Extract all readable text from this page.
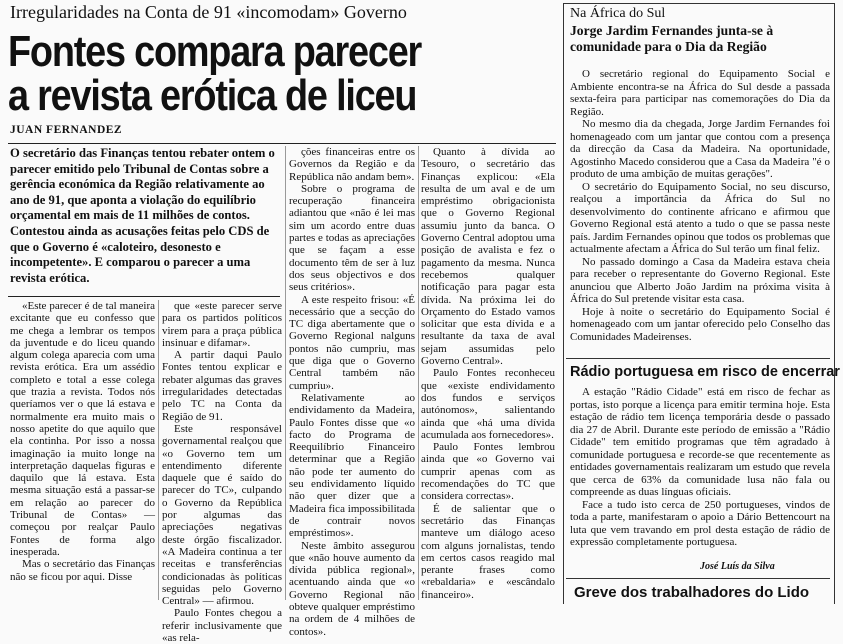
Irregularidades na Conta de 91 «incomodam» Governo
Fontes compara parecer
a revista erótica de liceu
JUAN FERNANDEZ
O secretário das Finanças tentou rebater ontem o parecer emitido pelo Tribunal de Contas sobre a gerência económica da Região relativamente ao ano de 91, que aponta a violação do equilíbrio orçamental em mais de 11 milhões de contos. Contestou ainda as acusações feitas pelo CDS de que o Governo é «caloteiro, desonesto e incompetente». E comparou o parecer a uma revista erótica.

«Este parecer é de tal maneira excitante que eu confesso que me chega a lembrar os tempos da juventude e do liceu quando algum colega aparecia com uma revista erótica. Era um assédio completo e total a esse colega que trazia a revista. Todos nós queríamos ver o que lá estava e normalmente era muito mais o nosso apetite do que aquilo que ela continha. Por isso a nossa imaginação ia muito longe na interpretação daquelas figuras e daquilo que lá estava. Esta mesma situação está a passar-se em relação ao parecer do Tribunal de Contas» — começou por realçar Paulo Fontes de forma algo inesperada.

Mas o secretário das Finanças não se ficou por aqui. Disse

que «este parecer serve para os partidos políticos virem para a praça pública insinuar e difamar».

A partir daqui Paulo Fontes tentou explicar e rebater algumas das graves irregularidades detectadas pelo TC na Conta da Região de 91.

Este responsável governamental realçou que «o Governo tem um entendimento diferente daquele que é saído do parecer do TC», culpando o Governo da República por algumas das apreciações negativas deste órgão fiscalizador. «A Madeira continua a ter receitas e transferências condicionadas às políticas seguidas pelo Governo Central» — afirmou.

Paulo Fontes chegou a referir inclusivamente que «as rela-

ções financeiras entre os Governos da Região e da República não andam bem».

Sobre o programa de recuperação financeira adiantou que «não é lei mas sim um acordo entre duas partes e todas as apreciações que se façam a esse documento têm de ser à luz dos seus objectivos e dos seus critérios».

A este respeito frisou: «É necessário que a secção do TC diga abertamente que o Governo Regional nalguns pontos não cumpriu, mas que diga que o Governo Central também não cumpriu».

Relativamente ao endividamento da Madeira, Paulo Fontes disse que «o facto do Programa de Reequilíbrio Financeiro determinar que a Região não pode ter aumento do seu endividamento líquido não quer dizer que a Madeira fica impossibilitada de contrair novos empréstimos».

Neste âmbito assegurou que «não houve aumento da dívida pública regional», acentuando ainda que «o Governo Regional não obteve qualquer empréstimo na ordem de 4 milhões de contos».

Quanto à dívida ao Tesouro, o secretário das Finanças explicou: «Ela resulta de um aval e de um empréstimo obrigacionista que o Governo Regional assumiu junto da banca. O Governo Central adoptou uma posição de avalista e fez o pagamento da mesma. Nunca recebemos qualquer notificação para pagar esta dívida. Na próxima lei do Orçamento do Estado vamos solicitar que esta dívida e a resultante da taxa de aval sejam assumidas pelo Governo Central».

Paulo Fontes reconheceu que «existe endividamento dos fundos e serviços autónomos», salientando ainda que «há uma dívida acumulada aos fornecedores».

Paulo Fontes lembrou ainda que «o Governo vai cumprir apenas com as recomendações do TC que considera correctas».

É de salientar que o secretário das Finanças manteve um diálogo aceso com alguns jornalistas, tendo em certos casos reagido mal perante frases como «rebaldaria» e «escândalo financeiro».

Na África do Sul
Jorge Jardim Fernandes junta-se à comunidade para o Dia da Região

O secretário regional do Equipamento Social e Ambiente encontra-se na África do Sul desde a passada sexta-feira para participar nas comemorações do Dia da Região.

No mesmo dia da chegada, Jorge Jardim Fernandes foi homenageado com um jantar que contou com a presença da direcção da Casa da Madeira. Na oportunidade, Agostinho Macedo considerou que a Casa da Madeira "é o produto de uma ambição de muitas gerações".

O secretário do Equipamento Social, no seu discurso, realçou a importância da África do Sul no desenvolvimento do continente africano e afirmou que Governo Regional está atento a tudo o que se passa neste país. Jardim Fernandes opinou que todos os problemas que actualmente afectam a África do Sul terão um final feliz.

No passado domingo a Casa da Madeira estava cheia para receber o representante do Governo Regional. Este anunciou que Alberto João Jardim na próxima visita à África do Sul pretende visitar esta casa.

Hoje à noite o secretário do Equipamento Social é homenageado com um jantar oferecido pelo Conselho das Comunidades Madeirenses.

Rádio portuguesa em risco de encerrar

A estação "Rádio Cidade" está em risco de fechar as portas, isto porque a licença para emitir termina hoje. Esta estação de rádio tem licença temporária desde o passado dia 27 de Abril. Durante este período de emissão a "Rádio Cidade" tem emitido programas que têm agradado à comunidade portuguesa e recorde-se que recentemente as entidades governamentais realizaram um estudo que revela que cerca de 63% da comunidade lusa não fala ou compreende as duas línguas oficiais.

Face a tudo isto cerca de 250 portugueses, vindos de toda a parte, manifestaram o apoio a Dário Bettencourt na luta que vem travando em prol desta estação de rádio de expressão completamente portuguesa.

José Luís da Silva
Greve dos trabalhadores do Lido
